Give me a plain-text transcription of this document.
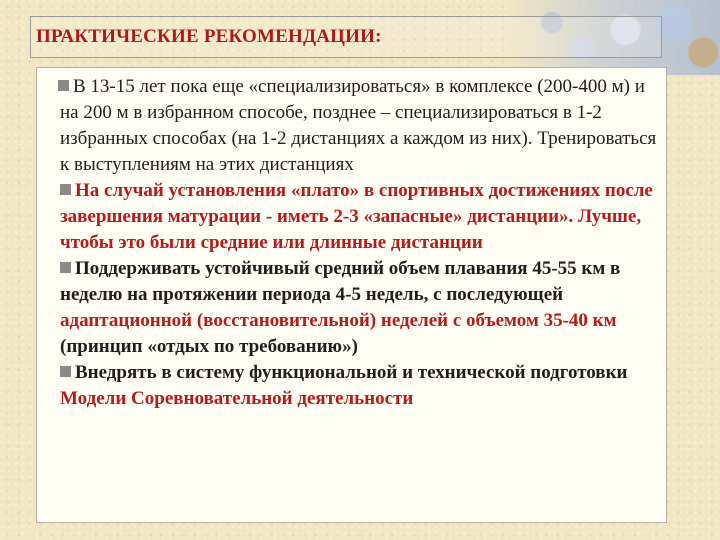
ПРАКТИЧЕСКИЕ РЕКОМЕНДАЦИИ:

В 13-15 лет пока еще «специализироваться» в комплексе (200-400 м) и на 200 м в избранном способе, позднее – специализироваться в 1-2 избранных способах (на 1-2 дистанциях а каждом из них). Тренироваться к выступлениям на этих дистанциях

На случай установления «плато» в спортивных достижениях после завершения матурации - иметь 2-3 «запасные» дистанции». Лучше, чтобы это были средние или длинные дистанции

Поддерживать устойчивый средний объем плавания 45-55 км в неделю на протяжении периода 4-5 недель, с последующей адаптационной (восстановительной) неделей с объемом 35-40 км (принцип «отдых по требованию»)

Внедрять в систему функциональной и технической подготовки Модели Соревновательной деятельности
